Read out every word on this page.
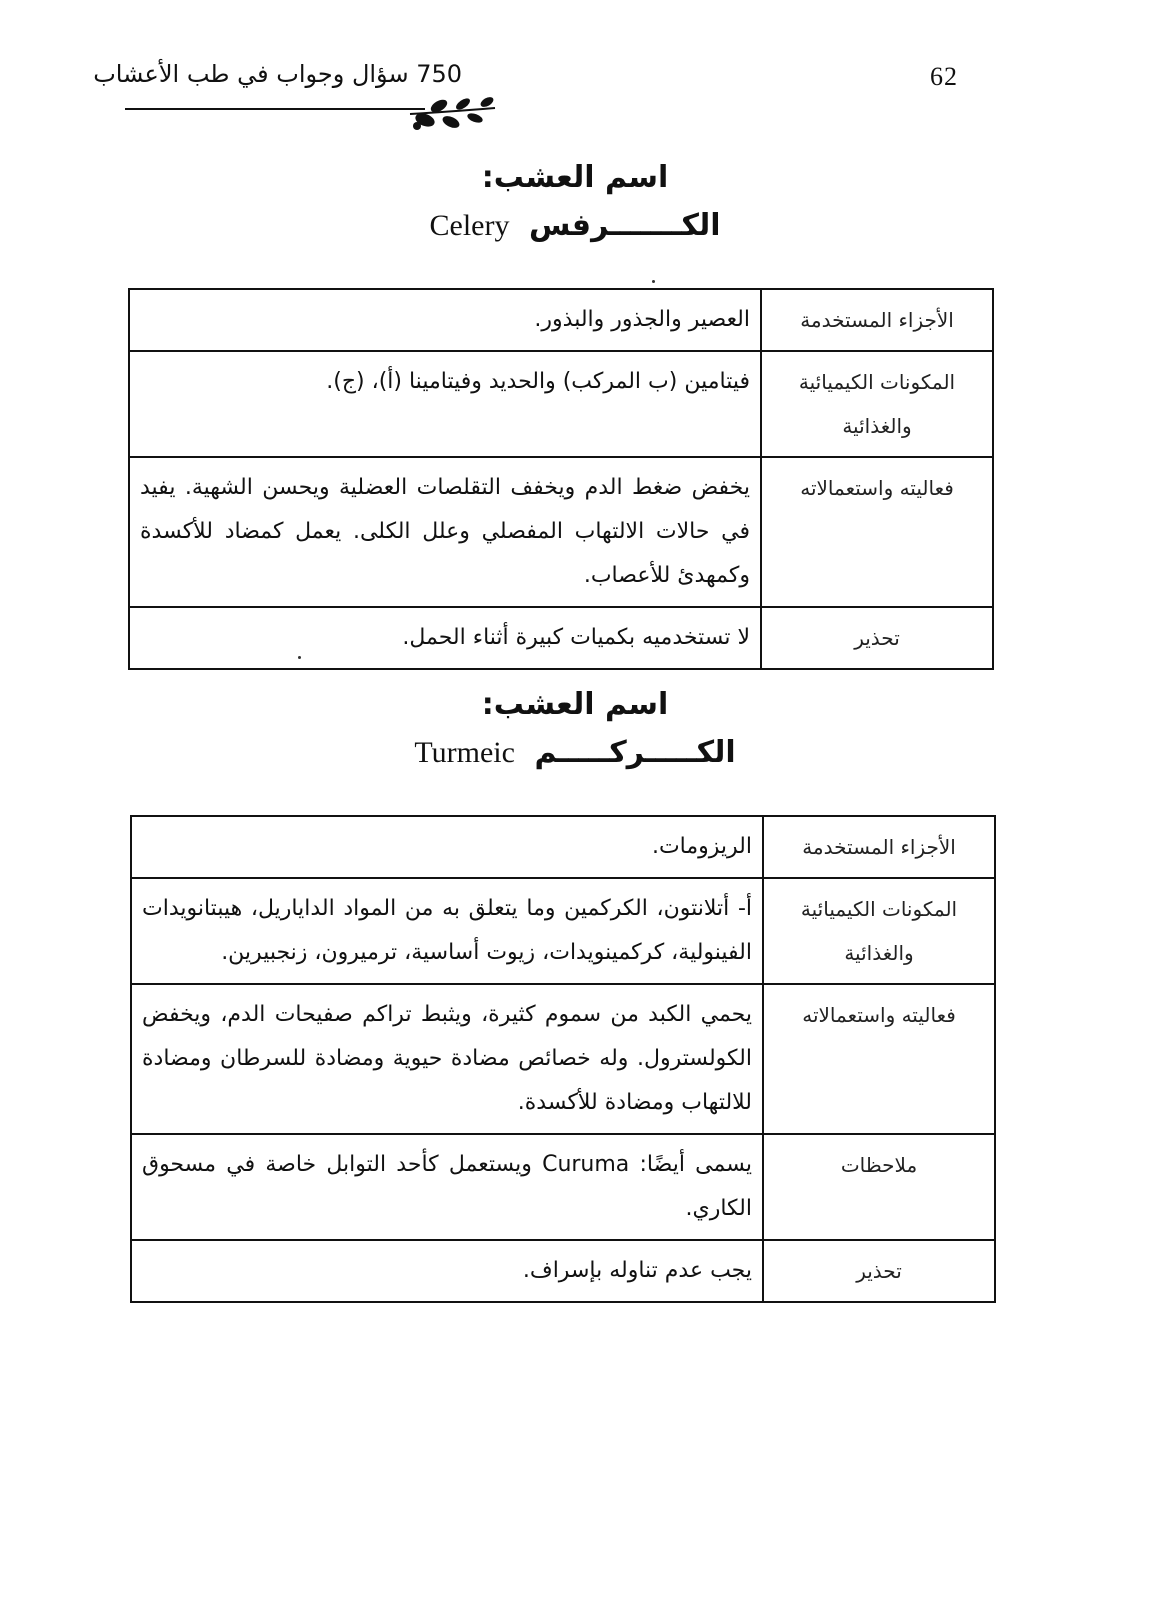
62
750 سؤال وجواب في طب الأعشاب
اسم العشب:
Celery الكـــــــرفس
الأجزاء المستخدمة	العصير والجذور والبذور.
المكونات الكيميائية والغذائية	فيتامين (ب المركب) والحديد وفيتامينا (أ)، (ج).
فعاليته واستعمالاته	يخفض ضغط الدم ويخفف التقلصات العضلية ويحسن الشهية. يفيد في حالات الالتهاب المفصلي وعلل الكلى. يعمل كمضاد للأكسدة وكمهدئ للأعصاب.
تحذير	لا تستخدميه بكميات كبيرة أثناء الحمل.
اسم العشب:
Turmeic الكـــــركـــــم
الأجزاء المستخدمة	الريزومات.
المكونات الكيميائية والغذائية	أ- أتلانتون، الكركمين وما يتعلق به من المواد الداياريل، هيبتانويدات الفينولية، كركمينويدات، زيوت أساسية، ترميرون، زنجبيرين.
فعاليته واستعمالاته	يحمي الكبد من سموم كثيرة، ويثبط تراكم صفيحات الدم، ويخفض الكولسترول. وله خصائص مضادة حيوية ومضادة للسرطان ومضادة للالتهاب ومضادة للأكسدة.
ملاحظات	يسمى أيضًا: Curuma ويستعمل كأحد التوابل خاصة في مسحوق الكاري.
تحذير	يجب عدم تناوله بإسراف.
